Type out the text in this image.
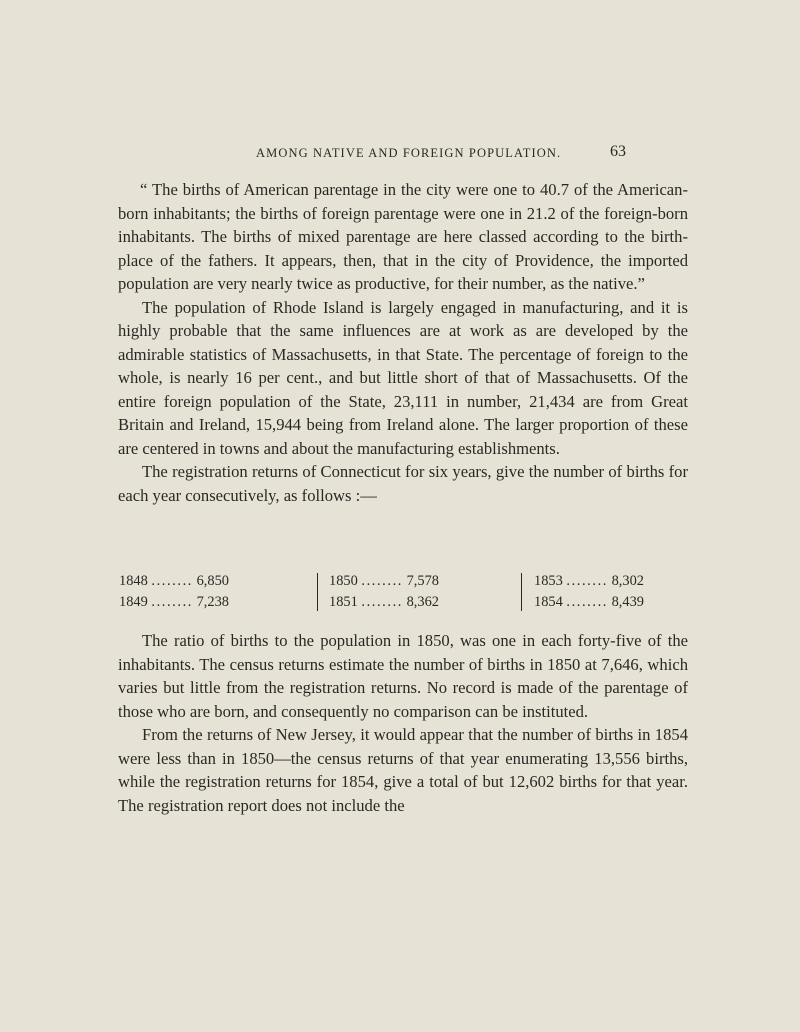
AMONG NATIVE AND FOREIGN POPULATION.	63

“ The births of American parentage in the city were one to 40.7 of the American-born inhabitants; the births of foreign parentage were one in 21.2 of the foreign-born inhabitants. The births of mixed parentage are here classed according to the birth-place of the fathers. It appears, then, that in the city of Providence, the imported population are very nearly twice as productive, for their number, as the native.”

The population of Rhode Island is largely engaged in manufacturing, and it is highly probable that the same influences are at work as are developed by the admirable statistics of Massachusetts, in that State. The percentage of foreign to the whole, is nearly 16 per cent., and but little short of that of Massachusetts. Of the entire foreign population of the State, 23,111 in number, 21,434 are from Great Britain and Ireland, 15,944 being from Ireland alone. The larger proportion of these are centered in towns and about the manufacturing establishments.

The registration returns of Connecticut for six years, give the number of births for each year consecutively, as follows :—

1848 ........ 6,850
1849 ........ 7,238
1850 ........ 7,578
1851 ........ 8,362
1853 ........ 8,302
1854 ........ 8,439

The ratio of births to the population in 1850, was one in each forty-five of the inhabitants. The census returns estimate the number of births in 1850 at 7,646, which varies but little from the registration returns. No record is made of the parentage of those who are born, and consequently no comparison can be instituted.

From the returns of New Jersey, it would appear that the number of births in 1854 were less than in 1850—the census returns of that year enumerating 13,556 births, while the registration returns for 1854, give a total of but 12,602 births for that year. The registration report does not include the
